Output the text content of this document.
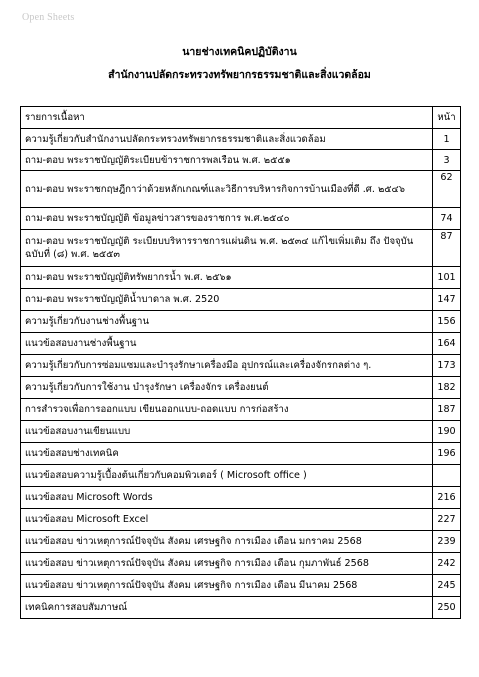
Open Sheets
นายช่างเทคนิคปฏิบัติงาน
สำนักงานปลัดกระทรวงทรัพยากรธรรมชาติและสิ่งแวดล้อม
รายการเนื้อหา	หน้า
ความรู้เกี่ยวกับสำนักงานปลัดกระทรวงทรัพยากรธรรมชาติและสิ่งแวดล้อม	1
ถาม-ตอบ พระราชบัญญัติระเบียบข้าราชการพลเรือน พ.ศ. ๒๕๕๑	3
ถาม-ตอบ พระราชกฤษฎีกาว่าด้วยหลักเกณฑ์และวิธีการบริหารกิจการบ้านเมืองที่ดี .ศ. ๒๕๔๖	62
ถาม-ตอบ พระราชบัญญัติ ข้อมูลข่าวสารของราชการ พ.ศ.๒๕๔๐	74
ถาม-ตอบ พระราชบัญญัติ ระเบียบบริหารราชการแผ่นดิน พ.ศ. ๒๕๓๔ แก้ไขเพิ่มเติม ถึง ปัจจุบัน ฉบับที่ (๘) พ.ศ. ๒๕๕๓	87
ถาม-ตอบ พระราชบัญญัติทรัพยากรน้ำ พ.ศ. ๒๕๖๑	101
ถาม-ตอบ พระราชบัญญัติน้ำบาดาล พ.ศ. 2520	147
ความรู้เกี่ยวกับงานช่างพื้นฐาน	156
แนวข้อสอบงานช่างพื้นฐาน	164
ความรู้เกี่ยวกับการซ่อมแซมและบำรุงรักษาเครื่องมือ อุปกรณ์และเครื่องจักรกลต่าง ๆ.	173
ความรู้เกี่ยวกับการใช้งาน บำรุงรักษา เครื่องจักร เครื่องยนต์	182
การสำรวจเพื่อการออกแบบ เขียนออกแบบ-ถอดแบบ การก่อสร้าง	187
แนวข้อสอบงานเขียนแบบ	190
แนวข้อสอบช่างเทคนิค	196
แนวข้อสอบความรู้เบื้องต้นเกี่ยวกับคอมพิวเตอร์ ( Microsoft office )	
แนวข้อสอบ Microsoft Words	216
แนวข้อสอบ Microsoft Excel	227
แนวข้อสอบ ข่าวเหตุการณ์ปัจจุบัน สังคม เศรษฐกิจ การเมือง เดือน มกราคม 2568	239
แนวข้อสอบ ข่าวเหตุการณ์ปัจจุบัน สังคม เศรษฐกิจ การเมือง เดือน กุมภาพันธ์ 2568	242
แนวข้อสอบ ข่าวเหตุการณ์ปัจจุบัน สังคม เศรษฐกิจ การเมือง เดือน มีนาคม 2568	245
เทคนิคการสอบสัมภาษณ์	250
